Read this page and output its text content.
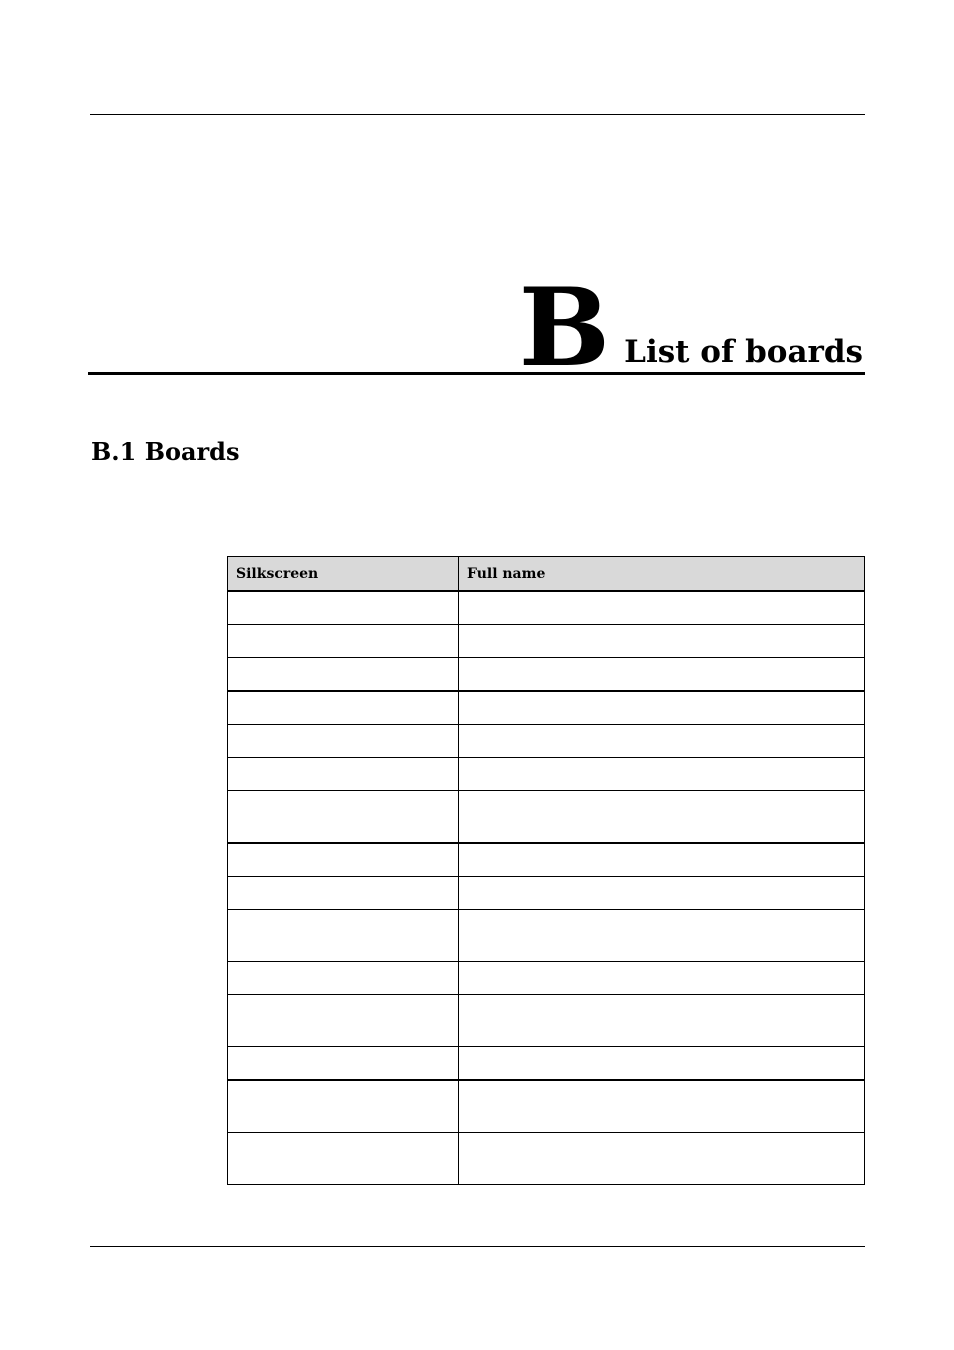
B List of boards
B.1 Boards
Silkscreen	Full name
